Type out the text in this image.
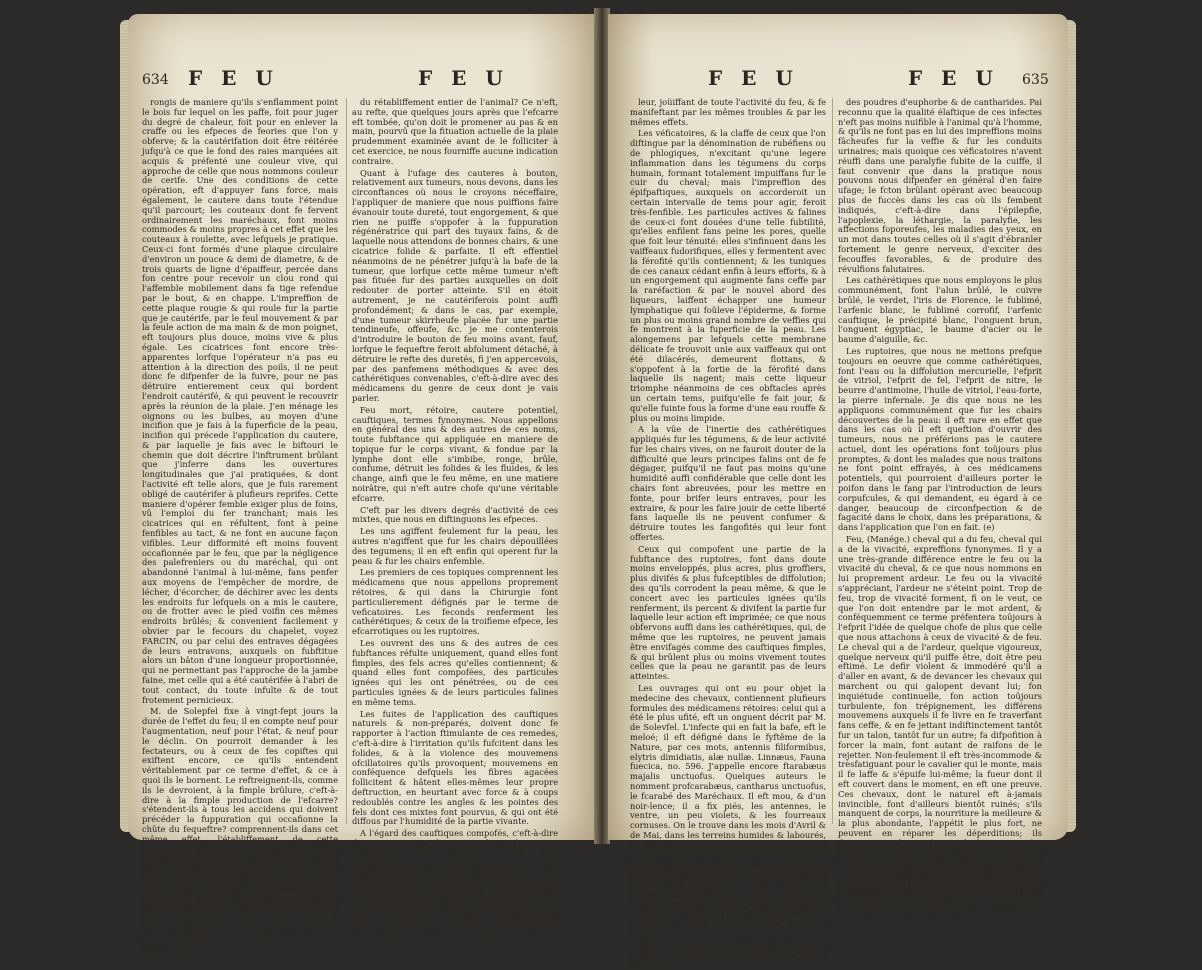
634 F E U	F E U

rongis de maniere qu'ils s'enflamment point le bois fur lequel on les paffe, foit pour juger du degré de chaleur, foit pour en enlever la craffe ou les efpeces de feories que l'on y obferve; & la cautérifation doit être réitérée jufqu'à ce que le fond des raies marquées ait acquis & préfenté une couleur vive, qui approche de celle que nous nommons couleur de cerife. Une des conditions de cette opération, eft d'appuyer fans force, mais également, le cautere dans toute l'étendue qu'il parcourt; les couteaux dont fe fervent ordinairement les maréchaux, font moins commodes & moins propres à cet effet que les couteaux à roulette, avec lefquels je pratique. Ceux-ci font formés d'une plaque circulaire d'environ un pouce & demi de diametre, & de trois quarts de ligne d'épaiffeur, percée dans fon centre pour recevoir un clou rond qui l'affemble mobilement dans fa tige refendue par le bout, & en chappe. L'impreffion de cette plaque rougie & qui roule fur la partie que je cautérife, par le feul mouvement & par la feule action de ma main & de mon poignet, eft toujours plus douce, moins vive & plus égale. Les cicatrices font encore très-apparentes lorfque l'opérateur n'a pas eu attention à la direction des poils, il ne peut donc fe difpenfer de la fuivre, pour ne pas détruire entierement ceux qui bordent l'endroit cautérifé, & qui peuvent le recouvrir après la réunion de la plaie. J'en ménage les oignons ou les bulbes, au moyen d'une incifion que je fais à la fuperficie de la peau, incifion qui précede l'application du cautere, & par laquelle je fais avec le biftouri le chemin que doit décrire l'inftrument brûlant que j'inferre dans les ouvertures longitudinales que j'ai pratiquées, & dont l'activité eft telle alors, que je fuis rarement obligé de cautérifer à plufieurs reprifes. Cette maniere d'opérer femble exiger plus de foins, vû l'emploi du fer tranchant; mais les cicatrices qui en réfultent, font à peine fenfibles au tact, & ne font en aucune façon vifibles. Leur difformité eft moins fouvent occafionnée par le feu, que par la négligence des palefreniers ou du maréchal, qui ont abandonné l'animal à lui-même, fans penfer aux moyens de l'empêcher de mordre, de lécher, d'écorcher, de déchirer avec les dents les endroits fur lefquels on a mis le cautere, ou de frotter avec le pied voifin ces mêmes endroits brûlés; & convenient facilement y obvier par le fecours du chapelet, voyez FARCIN, ou par celui des entraves dégagées de leurs entravons, auxquels on fubftitue alors un bâton d'une longueur proportionnée, qui ne permettant pas l'approche de la jambe faine, met celle qui a été cautérifée à l'abri de tout contact, du toute infulte & de tout frotement pernicieux.

M. de Solepfel fixe à vingt-fept jours la durée de l'effet du feu; il en compte neuf pour l'augmentation, neuf pour l'état, & neuf pour le déclin. On pourroit demander à les fectateurs, ou à ceux de fes copiftes qui exiftent encore, ce qu'ils entendent véritablement par ce terme d'effet, & ce à quoi ils le bornent. Le reftreignent-ils, comme ils le devroient, à la fimple brûlure, c'eft-à-dire à la fimple production de l'efcarre? s'étendent-ils à tous les accidens qui doivent précéder la fuppuration qui occafionne la chûte du fequeftre? comprennent-ils dans cet même effet, l'établiffement de cette fuppuration louable qui nous annonce une prompte régénération, & la terminaifon de la cure? Dans les uns ou dans les autres de ces fens, ils ne peuvent raifonnablement rien déterminer de certain. Le feu eft appliqué fur des parties malades, tuméfiées, dont l'état differe toujours; les difpofitions intérieures de chaque cheval fur lequel on opere, varient à l'infini: or comment affigner un terme précis aux changemens qui doivent arriver, & décider pofitivement du tems

du rétabliffement entier de l'animal? Ce n'eft, au refte, que quelques jours après que l'efcarre eft tombée, qu'on doit le promener au pas & en main, pourvû que la fituation actuelle de la plaie prudemment examinée avant de le folliciter à cet exercice, ne nous fourniffe aucune indication contraire.

Quant à l'ufage des cauteres à bouton, relativement aux tumeurs, nous devons, dans les circonftances où nous le croyons néceffaire, l'appliquer de maniere que nous puiffions faire évanouir toute dureté, tout engorgement, & que rien ne puiffe s'oppofer à la fuppuration régénératrice qui part des tuyaux fains, & de laquelle nous attendons de bonnes chairs, & une cicatrice folide & parfaite. Il eft effentiel néanmoins de ne pénétrer jufqu'à la bafe de la tumeur, que lorfque cette même tumeur n'eft pas fituée fur des parties auxquelles on doit redouter de porter atteinte. S'il en étoit autrement, je ne cautériferois point auffi profondément; & dans le cas, par exemple, d'une tumeur skirrheufe placée fur une partie tendineufe, offeufe, &c. je me contenterois d'introduire le bouton de feu moins avant, fauf, lorfque le fequeftre feroit abfolument détaché, à détruire le refte des duretés, fi j'en appercevois, par des panfemens méthodiques & avec des cathérétiques convenables, c'eft-à-dire avec des médicamens du genre de ceux dont je vais parler.

Feu mort, rétoire, cautere potentiel, cauftiques, termes fynonymes. Nous appellons en général des uns & des autres de ces noms, toute fubftance qui appliquée en maniere de topique fur le corps vivant, & fondue par la lymphe dont elle s'imbibe, ronge, brûle, confume, détruit les folides & les fluides, & les change, ainfi que le feu même, en une matiere noirâtre, qui n'eft autre chofe qu'une véritable efcarre.

C'eft par les divers degrés d'activité de ces mixtes, que nous en diftinguons les efpeces.

Les uns agiffent feulement fur la peau, les autres n'agiffent que fur les chairs dépouillées des tegumens; il en eft enfin qui operent fur la peau & fur les chairs enfemble.

Les premiers de ces topiques comprennent les médicamens que nous appellons proprement rétoires, & qui dans la Chirurgie font particulierement défignés par le terme de veficatoires. Les feconds renferment les cathérétiques; & ceux de la troifieme efpece, les efcarrotiques ou les ruptoires.

Les ouvrent des uns & des autres de ces fubftances réfulte uniquement, quand elles font fimples, des fels acres qu'elles contiennent; & quand elles font compofées, des particules ignées qui les ont pénétrées, ou de ces particules ignées & de leurs particules falines en même tems.

Les fuites de l'application des cauftiques naturels & non-préparés, doivent donc fe rapporter à l'action ftimulante de ces remedes, c'eft-à-dire à l'irritation qu'ils fufcitent dans les folides, & à la violence des mouvemens ofcillatoires qu'ils provoquent; mouvemens en conféquence defquels les fibres agacées follicitent & hâtent elles-mêmes leur propre deftruction, en heurtant avec force & à coups redoublés contre les angles & les pointes des fels dont ces mixtes font pourvus, & qui ont été diffous par l'humidité de la partie vivante.

A l'égard des cauftiques compofés, c'eft-à-dire de ceux qui, par le moyen des préparations galéniques & chimiques, ont fubi quelqu'altération, non-feulement ils occafionneront les mêmes difacérations& les mêmes ruptures enfuite de la diffolution de leurs fels, s'il en eft en eux, mais ils confumeront le tiffu des corps fur lefquels on leur propofera de s'exercer immédiatement; leurs particules ignées fuffifamment développées, & d'ailleurs raréfiées par la cha-

F E U	F E U 635

leur, joüiffant de toute l'activité du feu, & fe manifeftant par les mêmes troubles & par les mêmes effets.

Les véficatoires, & la claffe de ceux que l'on diftingue par la dénomination de rubéfiens ou de phlogiques, n'excitant qu'une legere inflammation dans les tégumens du corps humain, formant totalement impuiffans fur le cuir du cheval; mais l'impreffion des épifpaftiques, auxquels on accorderoit un certain intervalle de tems pour agir, feroit très-fenfible. Les particules actives & falines de ceux-ci font douées d'une telle fubtilité, qu'elles enfilent fans peine les pores, quelle que foit leur ténuité: elles s'infinuent dans les vaiffeaux fudorifiques, elles y fermentent avec la férofité qu'ils contiennent; & les tuniques de ces canaux cédant enfin à leurs efforts, & à un engorgement qui augmente fans ceffe par la raréfaction & par le nouvel abord des liqueurs, laiffent échapper une humeur lymphatique qui foûleve l'épiderme, & forme un plus ou moins grand nombre de veffies qui fe montrent à la fuperficie de la peau. Les alongemens par lefquels cette membrane délicate fe trouvoit unie aux vaiffeaux qui ont été dilacérés, demeurent flottans, & s'oppofent à la fortie de la férofité dans laquelle ils nagent; mais cette liqueur triomphe néanmoins de ces obftacles après un certain tems, puifqu'elle fe fait jour, & qu'elle fuinte fous la forme d'une eau rouffe & plus ou moins limpide.

A la vûe de l'inertie des cathérétiques appliqués fur les tégumens, & de leur activité fur les chairs vives, on ne fauroit douter de la difficulté que leurs principes falins ont de fe dégager, puifqu'il ne faut pas moins qu'une humidité auffi confidérable que celle dont les chairs font abreuvées, pour les mettre en fonte, pour brifer leurs entraves, pour les extraire, & pour les faire jouir de cette liberté fans laquelle ils ne peuvent confumer & détruire toutes les fangofités qui leur font offertes.

Ceux qui compofent une partie de la fubftance des ruptoires, font dans doute moins enveloppés, plus acres, plus groffiers, plus divifés & plus fufceptibles de diffolution; des qu'ils corrodent la peau même, & que le concert avec les particules ignées qu'ils renferment, ils percent & divifent la partie fur laquelle leur action eft imprimée; ce que nous obfervons auffi dans les cathérétiques, qui, de même que les ruptoires, ne peuvent jamais être envifagés comme des cauftiques fimples, & qui brûlent plus ou moins vivement toutes celles que la peau ne garantit pas de leurs atteintes.

Les ouvrages qui ont eu pour objet la medecine des chevaux, contiennent plufieurs formules des médicamens rétoires: celui qui a été le plus ufité, eft un onguent décrit par M. de Solevfel. L'infecte qui en fait la bafe, eft le meloé; il eft défigné dans le fyftême de la Nature, par ces mots, antennis filiformibus, elytris dimidiatis, alæ nullæ. Linnæus, Fauna fuecica, no. 596. J'appelle encore ftarabæus majalis unctuofus. Quelques auteurs le nomment profcarabæus, cantharus unctuofus, le fcarabé des Maréchaux. Il eft mou, & d'un noir-lence; il a fix piés, les antennes, le ventre, un peu violets, & les fourreaux cornuses. On le trouve dans les mois d'Avril & de Mai, dans les terreins humides & labourés, ou dans les blés. On en prend un certain nombre que l'on broye dans fuffifante quantité d'huile de laurier, & au bout de trois mois on fait fondre le tout: on coule, on jette le marc, & on garde le refte comme un remede très-précieux, & qui doit, felon Soleyfel, diffiper des fures, des molettes, des veffigons, &c. mais qu'il eft très-inutile & très-impuiffant, felon moi, dans de pareilles circonftances.

Il eft encore d'autres rétoires faits avec le foufre en poudre, du beurre vieux, de l'huile de laurier,

des poudres d'euphorbe & de cantharides. Pai reconnu que la qualité élaftique de ces infectes n'eft pas moins nuifible à l'animal qu'à l'homme, & qu'ils ne font pas en lui des impreffions moins fâcheufes fur la veffie & fur les conduits urinaires; mais quoique ces véficatoires n'avent réuffi dans une paralyfie fubite de la cuiffe, il faut convenir que dans la pratique nous pouvons nous difpenfer en général d'en faire ufage; le fcton brûlant opérant avec beaucoup plus de fuccès dans les cas où ils fembent indiqués, c'eft-à-dire dans l'épilepfie, l'apoplexie, la léthargie, la paralyfie, les affections foporeufes, les maladies des yeux, en un mot dans toutes celles où il s'agit d'ébranler fortement le genre nerveux, d'exciter des fecouffes favorables, & de produire des révulfions falutaires.

Les cathérétiques que nous employons le plus communément, font l'alun brûlé, le cuivre brûlé, le verdet, l'iris de Florence, le fublimé, l'arfenic blanc, le fublimé corrofif, l'arfenic cauftique, le précipité blanc, l'onguent brun, l'onguent égyptiac, le baume d'acier ou le baume d'aiguille, &c.

Les ruptoires, que nous ne mettons prefque toujours en oeuvre que comme cathérétiques, font l'eau ou la diffolution mercurielle, l'efprit de vitriol, l'efprit de fel, l'efprit de nitre, le beurre d'antimoine, l'huile de vitriol, l'eau-forte, la pierre infernale. Je dis que nous ne les appliquons communément que fur les chairs découvertes de la peau: il eft rare en effet que dans les cas où il eft queftion d'ouvrir des tumeurs, nous ne préférions pas le cautere actuel, dont les opérations font toûjours plus promptes, & dont les malades que nous traitons ne font point effrayés, à ces médicamens potentiels, qui pourroient d'ailleurs porter le poifon dans le fang par l'introduction de leurs corpufcules, & qui demandent, eu égard à ce danger, beaucoup de circonfpection & de fagacité dans le choix, dans les préparations, & dans l'application que l'on en fait. (e)

Feu, (Manége.) cheval qui a du feu, cheval qui a de la vivacité, expreffions fynonymes. Il y a une très-grande différence entre le feu ou la vivacité du cheval, & ce que nous nommons en lui proprement ardeur. Le feu ou la vivacité s'appréciant, l'ardeur ne s'éteint point. Trop de feu, trop de vivacité forment, fi on le veut, ce que l'on doit entendre par le mot ardent, & conféquemment ce terme préfentera toûjours à l'efprit l'idée de quelque chofe de plus que celle que nous attachons à ceux de vivacité & de feu. Le cheval qui a de l'ardeur, quelque vigoureux, quelque nerveux qu'il puiffe être, doit être peu eftimé. Le defir violent & immodéré qu'il a d'aller en avant, & de devancer les chevaux qui marchent ou qui galopent devant lui; fon inquiétude continuelle, fon action toûjours turbulente, fon trépignement, les différens mouvemens auxquels il fe livre en fe traverfant fans ceffe, & en fe jettant indiftinctement tantôt fur un talon, tantôt fur un autre; fa difpofition à forcer la main, font autant de raifons de le rejetter. Non-feulement il eft très-incommode & trèsfatiguant pour le cavalier qui le monte, mais il fe laffe & s'épuife lui-même; la fueur dont il eft couvert dans le moment, en eft une preuve. Ces chevaux, dont le naturel eft à-jamais invincible, font d'ailleurs bientôt ruinés; s'ils manquent de corps, la nourriture la meilleure & la plus abondante, l'appétit le plus fort, ne peuvent en réparer les déperditions; ils demeurent toûjours étroits de boyau, & très-fouvent la pouffe termine leur vie. Tous ces vices ne fe rencontrent point dans le cheval qui n'a que du feu: fi fon éducation eft confiée à des mains habiles, fa vivacité ne le fouftraira point à l'obéiffance; elle fera le garant de fa fenfibilité & de fon courage; elle ne le montrera que lorfque l'animal fera recherché,
